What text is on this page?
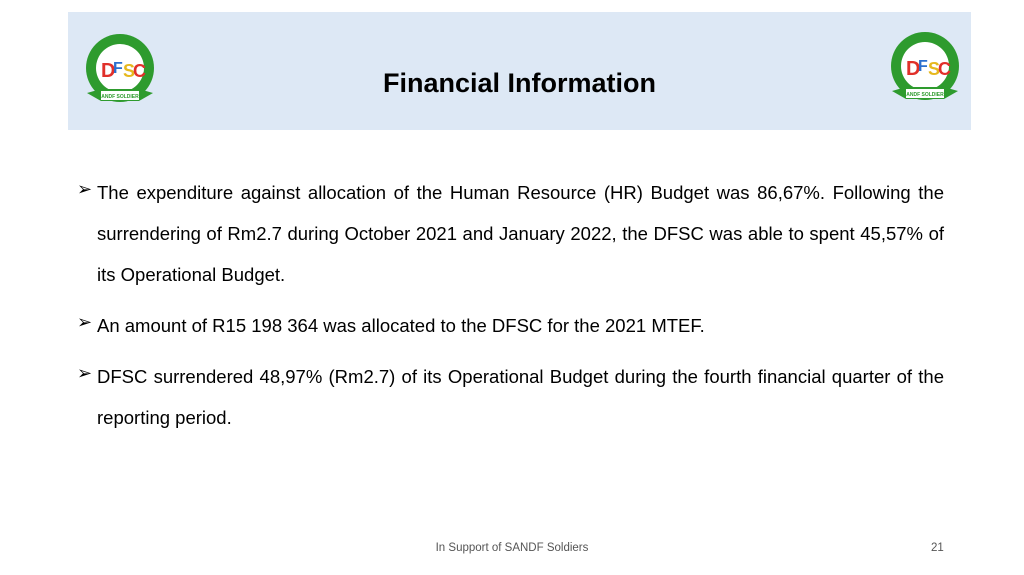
Financial Information
D
F S
C
SANDF SOLDIERS
D
F S
C
SANDF SOLDIERS
➢ The expenditure against allocation of the Human Resource (HR) Budget was 86,67%. Following the surrendering of Rm2.7 during October 2021 and January 2022, the DFSC was able to spent 45,57% of its Operational Budget.
➢ An amount of R15 198 364 was allocated to the DFSC for the 2021 MTEF.
➢ DFSC surrendered 48,97% (Rm2.7) of its Operational Budget during the fourth financial quarter of the reporting period.
In Support of SANDF Soldiers	21
